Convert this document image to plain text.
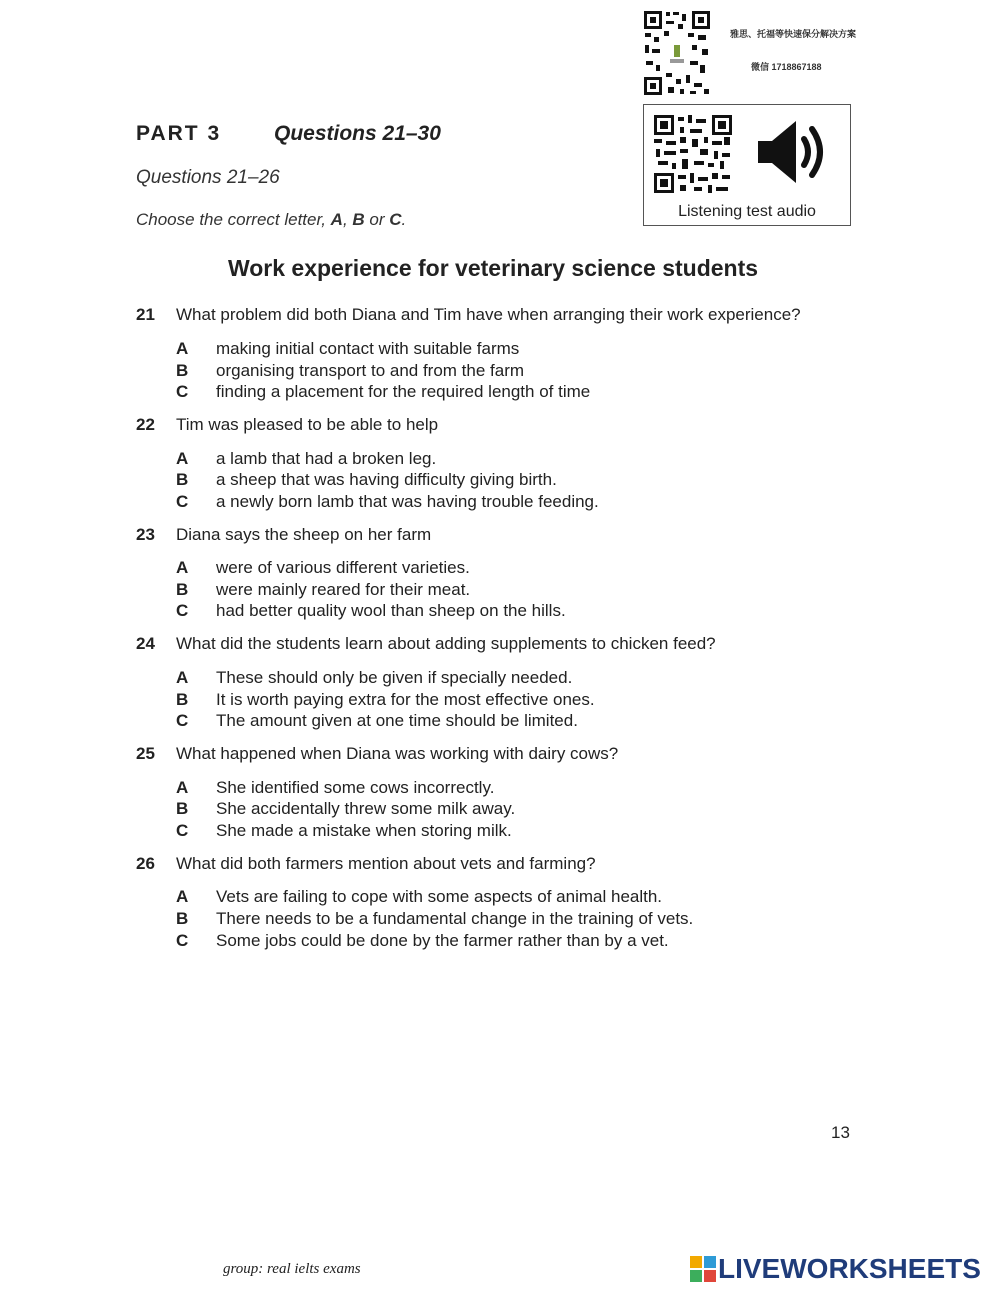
雅思、托福等快速保分解决方案
微信 1718867188
Listening test audio
PART 3	Questions 21–30
Questions 21–26
Choose the correct letter, A, B or C.
Work experience for veterinary science students
21 What problem did both Diana and Tim have when arranging their work experience?
A making initial contact with suitable farms
B organising transport to and from the farm
C finding a placement for the required length of time
22 Tim was pleased to be able to help
A a lamb that had a broken leg.
B a sheep that was having difficulty giving birth.
C a newly born lamb that was having trouble feeding.
23 Diana says the sheep on her farm
A were of various different varieties.
B were mainly reared for their meat.
C had better quality wool than sheep on the hills.
24 What did the students learn about adding supplements to chicken feed?
A These should only be given if specially needed.
B It is worth paying extra for the most effective ones.
C The amount given at one time should be limited.
25 What happened when Diana was working with dairy cows?
A She identified some cows incorrectly.
B She accidentally threw some milk away.
C She made a mistake when storing milk.
26 What did both farmers mention about vets and farming?
A Vets are failing to cope with some aspects of animal health.
B There needs to be a fundamental change in the training of vets.
C Some jobs could be done by the farmer rather than by a vet.
13
group: real ielts exams	LIVEWORKSHEETS
